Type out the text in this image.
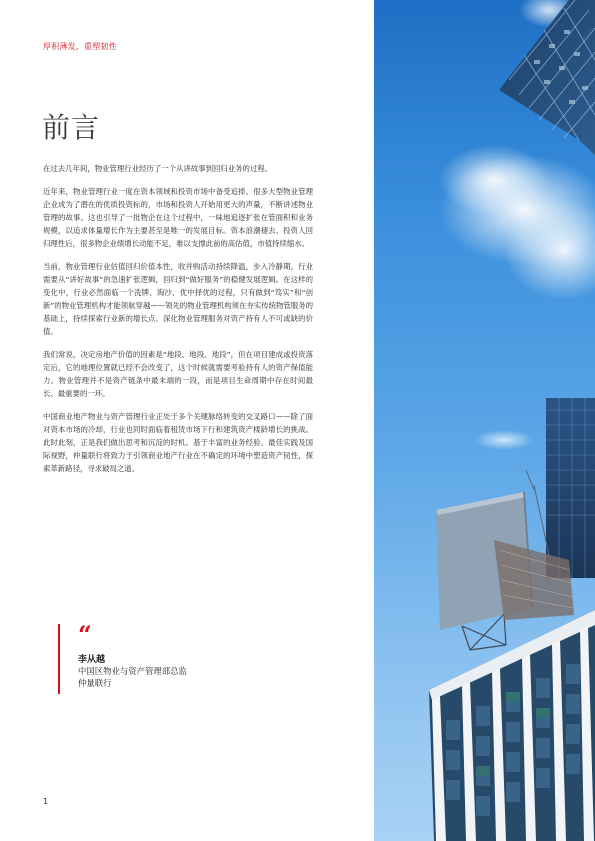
厚积薄发，重塑韧性
前言

在过去几年间，物业管理行业经历了一个从讲故事到回归业务的过程。

近年来，物业管理行业一度在资本领域和投资市场中备受追捧。很多大型物业管理企业成为了潜在的优质投资标的，市场和投资人开始用更大的声量，不断讲述物业管理的故事。这也引导了一批物企在这个过程中，一味地追逐扩张在管面积和业务规模，以追求体量增长作为主要甚至是唯一的发展目标。资本浪潮褪去、投资人回归理性后，很多物企业绩增长动能不足，难以支撑此前的高估值，市值持续缩水。

当前，物业管理行业估值回归价值本性，收并购活动持续降温，步入冷静期。行业需要从“讲好故事”的急速扩张逻辑，回归到“做好服务”的稳健发展逻辑。在这样的变化中，行业必然面临一个洗牌、淘沙、优中择优的过程，只有做到“笃实”和“创新”的物业管理机构才能领航穿越——领先的物业管理机构须在夯实传统物管服务的基础上，持续探索行业新的增长点、深化物业管理服务对资产持有人不可或缺的价值。

我们常说，决定房地产价值的因素是“地段、地段、地段”，但在项目建成或投资落定后，它的地理位置就已经不会改变了，这个时候就需要考验持有人的资产保值能力。物业管理并不是资产链条中最末端的一段，而是项目生命周期中存在时间最长、最重要的一环。

中国商业地产物业与资产管理行业正处于多个关键脉络转变的交叉路口——除了面对资本市场的冷却，行业也同时面临着租赁市场下行和建筑资产楼龄增长的挑战。此时此刻，正是我们做出思考和沉淀的时机。基于丰富的业务经验、最佳实践及国际视野，仲量联行将致力于引领商业地产行业在不确定的环境中塑造资产韧性，探索革新路径，寻求破局之道。

“
李从越
中国区物业与资产管理部总监
仲量联行
1
